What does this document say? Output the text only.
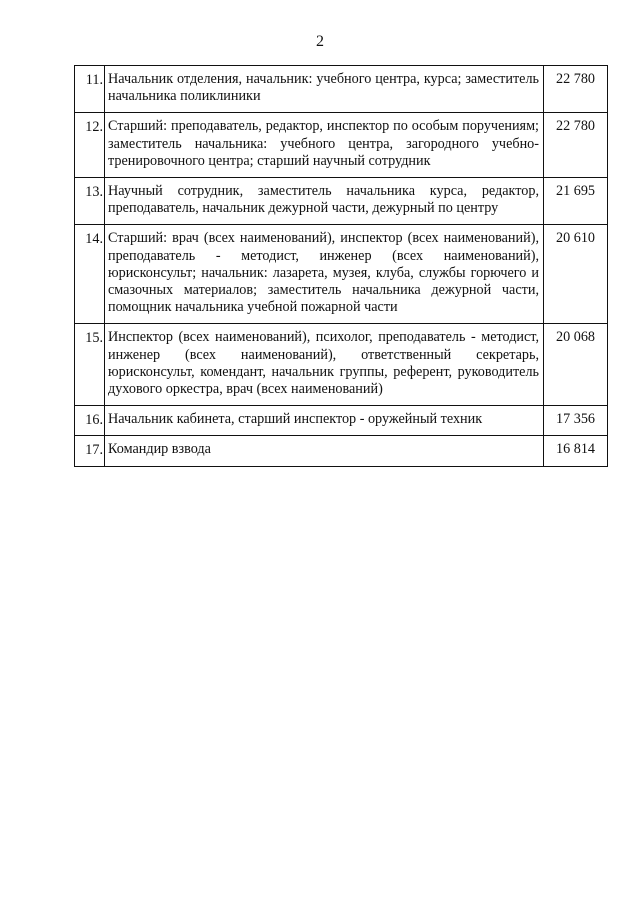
2
11.	Начальник отделения, начальник: учебного центра, курса; заместитель начальника поликлиники	22 780
12.	Старший: преподаватель, редактор, инспектор по особым поручениям; заместитель начальника: учебного центра, загородного учебно-тренировочного центра; старший научный сотрудник	22 780
13.	Научный сотрудник, заместитель начальника курса, редактор, преподаватель, начальник дежурной части, дежурный по центру	21 695
14.	Старший: врач (всех наименований), инспектор (всех наименований), преподаватель - методист, инженер (всех наименований), юрисконсульт; начальник: лазарета, музея, клуба, службы горючего и смазочных материалов; заместитель начальника дежурной части, помощник начальника учебной пожарной части	20 610
15.	Инспектор (всех наименований), психолог, преподаватель - методист, инженер (всех наименований), ответственный секретарь, юрисконсульт, комендант, начальник группы, референт, руководитель духового оркестра, врач (всех наименований)	20 068
16.	Начальник кабинета, старший инспектор - оружейный техник	17 356
17.	Командир взвода	16 814
